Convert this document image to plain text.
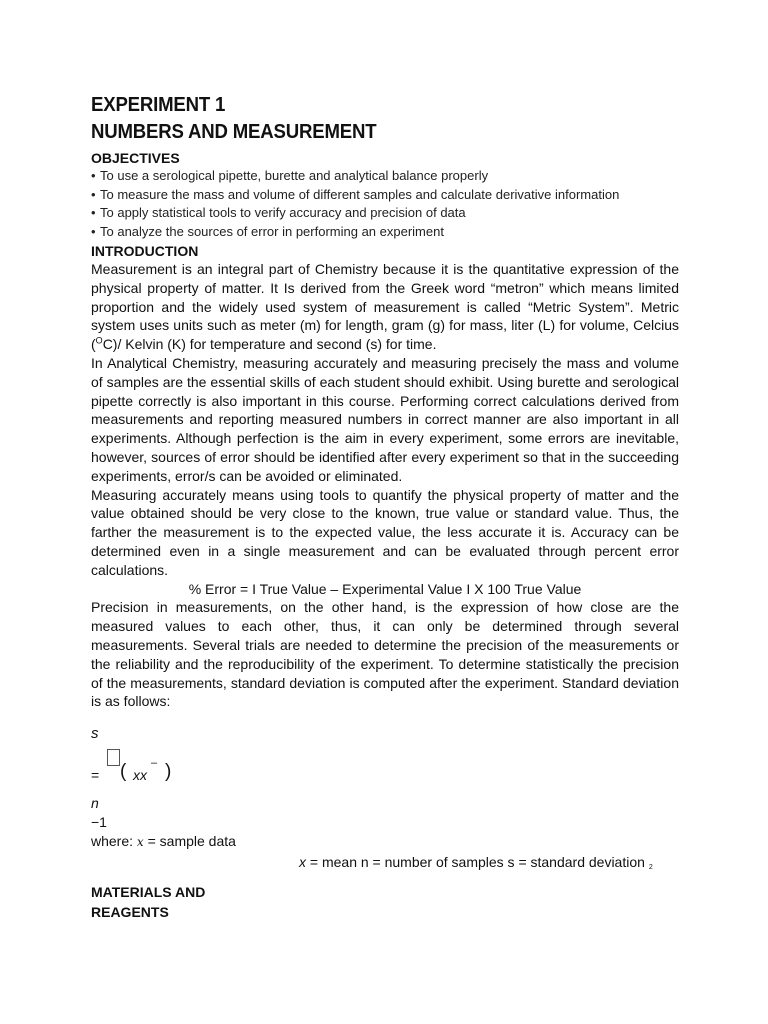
EXPERIMENT 1
NUMBERS AND MEASUREMENT
OBJECTIVES
• To use a serological pipette, burette and analytical balance properly
• To measure the mass and volume of different samples and calculate derivative information
• To apply statistical tools to verify accuracy and precision of data
• To analyze the sources of error in performing an experiment
INTRODUCTION

Measurement is an integral part of Chemistry because it is the quantitative expression of the physical property of matter. It Is derived from the Greek word “metron” which means limited proportion and the widely used system of measurement is called “Metric System”. Metric system uses units such as meter (m) for length, gram (g) for mass, liter (L) for volume, Celcius ($^O$C)/ Kelvin (K) for temperature and second (s) for time.

In Analytical Chemistry, measuring accurately and measuring precisely the mass and volume of samples are the essential skills of each student should exhibit. Using burette and serological pipette correctly is also important in this course. Performing correct calculations derived from measurements and reporting measured numbers in correct manner are also important in all experiments. Although perfection is the aim in every experiment, some errors are inevitable, however, sources of error should be identified after every experiment so that in the succeeding experiments, error/s can be avoided or eliminated.

Measuring accurately means using tools to quantify the physical property of matter and the value obtained should be very close to the known, true value or standard value. Thus, the farther the measurement is to the expected value, the less accurate it is. Accuracy can be determined even in a single measurement and can be evaluated through percent error calculations.

% Error = I True Value – Experimental Value I X 100 True Value

Precision in measurements, on the other hand, is the expression of how close are the measured values to each other, thus, it can only be determined through several measurements. Several trials are needed to determine the precision of the measurements or the reliability and the reproducibility of the experiment. To determine statistically the precision of the measurements, standard deviation is computed after the experiment. Standard deviation is as follows:

s
= ( xx
– )
n
−1
where: x = sample data

x = mean n = number of samples s = standard deviation $_2$

MATERIALS AND REAGENTS
